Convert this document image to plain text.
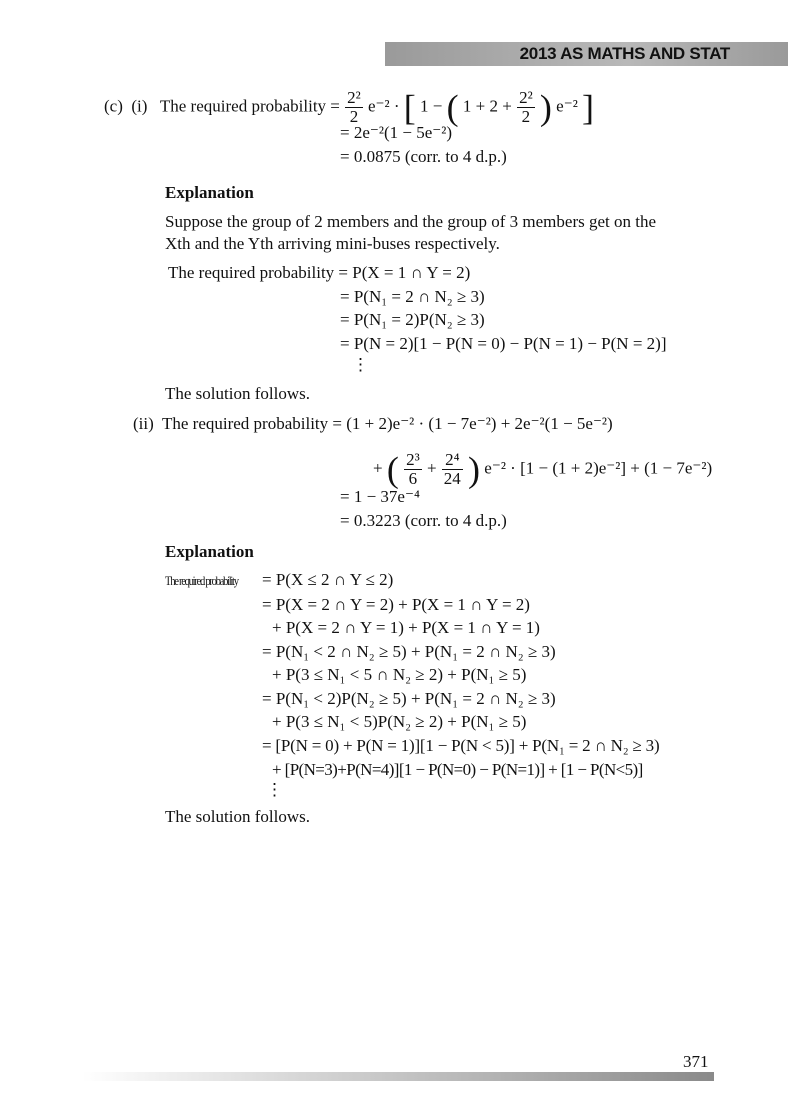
2013 AS MATHS AND STAT
(c) (i) The required probability = $\frac{\text{2²}}{2} e^{-2}$ · [ 1 − ( $1 + 2 + \frac{\text{2²}}{2}$ ) e⁻² ]
= 2e⁻²(1 − 5e⁻²)
= 0.0875 (corr. to 4 d.p.)
Explanation
Suppose the group of 2 members and the group of 3 members get on the
Xth and the Yth arriving mini-buses respectively.
The required probability = P(X = 1 ∩ Y = 2)
= P(N₁ = 2 ∩ N₂ ≥ 3)
= P(N₁ = 2)P(N₂ ≥ 3)
= P(N = 2)[1 − P(N = 0) − P(N = 1) − P(N = 2)]
⋮
The solution follows.
(ii) The required probability = (1 + 2)e⁻² · (1 − 7e⁻²) + 2e⁻²(1 − 5e⁻²)
+ ( $\frac{\text{2³}}{6} + \frac{\text{2⁴}}{24}$ ) e⁻² · [1 − (1 + 2)e⁻²] + (1 − 7e⁻²)
= 1 − 37e⁻⁴
= 0.3223 (corr. to 4 d.p.)
Explanation
The required probability	= P(X ≤ 2 ∩ Y ≤ 2)
= P(X = 2 ∩ Y = 2) + P(X = 1 ∩ Y = 2)
+ P(X = 2 ∩ Y = 1) + P(X = 1 ∩ Y = 1)
= P(N₁ < 2 ∩ N₂ ≥ 5) + P(N₁ = 2 ∩ N₂ ≥ 3)
+ P(3 ≤ N₁ < 5 ∩ N₂ ≥ 2) + P(N₁ ≥ 5)
= P(N₁ < 2)P(N₂ ≥ 5) + P(N₁ = 2 ∩ N₂ ≥ 3)
+ P(3 ≤ N₁ < 5)P(N₂ ≥ 2) + P(N₁ ≥ 5)
= [P(N = 0) + P(N = 1)][1 − P(N < 5)] + P(N₁ = 2 ∩ N₂ ≥ 3)
+ [P(N=3)+P(N=4)][1 − P(N=0) − P(N=1)] + [1 − P(N<5)]
⋮
The solution follows.
371
